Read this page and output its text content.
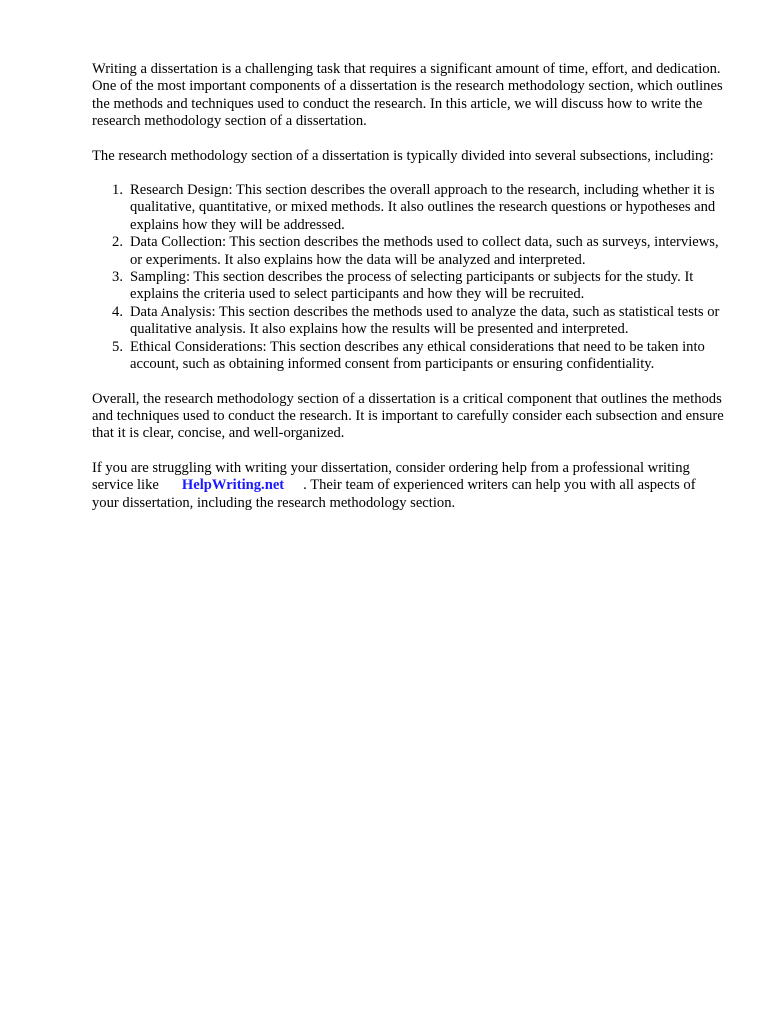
Writing a dissertation is a challenging task that requires a significant amount of time, effort, and dedication. One of the most important components of a dissertation is the research methodology section, which outlines the methods and techniques used to conduct the research. In this article, we will discuss how to write the research methodology section of a dissertation.

The research methodology section of a dissertation is typically divided into several subsections, including:

1. Research Design: This section describes the overall approach to the research, including whether it is qualitative, quantitative, or mixed methods. It also outlines the research questions or hypotheses and explains how they will be addressed.
2. Data Collection: This section describes the methods used to collect data, such as surveys, interviews, or experiments. It also explains how the data will be analyzed and interpreted.
3. Sampling: This section describes the process of selecting participants or subjects for the study. It explains the criteria used to select participants and how they will be recruited.
4. Data Analysis: This section describes the methods used to analyze the data, such as statistical tests or qualitative analysis. It also explains how the results will be presented and interpreted.
5. Ethical Considerations: This section describes any ethical considerations that need to be taken into account, such as obtaining informed consent from participants or ensuring confidentiality.

Overall, the research methodology section of a dissertation is a critical component that outlines the methods and techniques used to conduct the research. It is important to carefully consider each subsection and ensure that it is clear, concise, and well-organized.

If you are struggling with writing your dissertation, consider ordering help from a professional writing service like HelpWriting.net . Their team of experienced writers can help you with all aspects of your dissertation, including the research methodology section.
